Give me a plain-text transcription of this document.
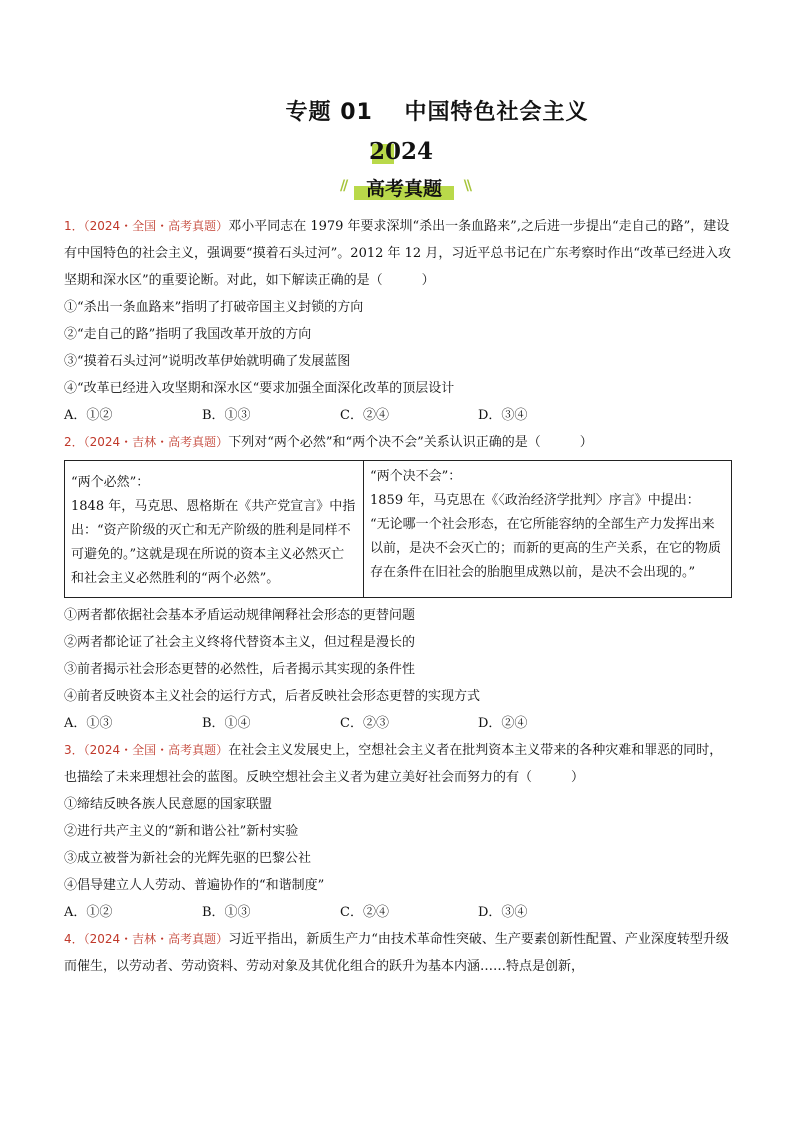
专题 01　 中国特色社会主义
2024
//	高考真题	\\

1．（2024・全国・高考真题）邓小平同志在 1979 年要求深圳“杀出一条血路来”,之后进一步提出“走自己的路”，建设有中国特色的社会主义，强调要“摸着石头过河”。2012 年 12 月，习近平总书记在广东考察时作出“改革已经进入攻坚期和深水区”的重要论断。对此，如下解读正确的是（　　　）

①“杀出一条血路来”指明了打破帝国主义封锁的方向

②“走自己的路”指明了我国改革开放的方向

③“摸着石头过河”说明改革伊始就明确了发展蓝图

④“改革已经进入攻坚期和深水区“要求加强全面深化改革的顶层设计

A．①②	B．①③	C．②④	D．③④

2．（2024・吉林・高考真题）下列对“两个必然”和“两个决不会”关系认识正确的是（　　　）

“两个必然”：
1848 年，马克思、恩格斯在《共产党宣言》中指出：“资产阶级的灭亡和无产阶级的胜利是同样不可避免的。”这就是现在所说的资本主义必然灭亡和社会主义必然胜利的“两个必然”。

“两个决不会”：
1859 年，马克思在《〈政治经济学批判〉序言》中提出：
“无论哪一个社会形态，在它所能容纳的全部生产力发挥出来以前，是决不会灭亡的；而新的更高的生产关系，在它的物质存在条件在旧社会的胎胞里成熟以前，是决不会出现的。”

①两者都依据社会基本矛盾运动规律阐释社会形态的更替问题

②两者都论证了社会主义终将代替资本主义，但过程是漫长的

③前者揭示社会形态更替的必然性，后者揭示其实现的条件性

④前者反映资本主义社会的运行方式，后者反映社会形态更替的实现方式

A．①③	B．①④	C．②③	D．②④

3．（2024・全国・高考真题）在社会主义发展史上，空想社会主义者在批判资本主义带来的各种灾难和罪恶的同时，也描绘了未来理想社会的蓝图。反映空想社会主义者为建立美好社会而努力的有（　　　）

①缔结反映各族人民意愿的国家联盟

②进行共产主义的“新和谐公社”新村实验

③成立被誉为新社会的光辉先驱的巴黎公社

④倡导建立人人劳动、普遍协作的“和谐制度”

A．①②	B．①③	C．②④	D．③④

4．（2024・吉林・高考真题）习近平指出，新质生产力“由技术革命性突破、生产要素创新性配置、产业深度转型升级而催生，以劳动者、劳动资料、劳动对象及其优化组合的跃升为基本内涵……特点是创新，
